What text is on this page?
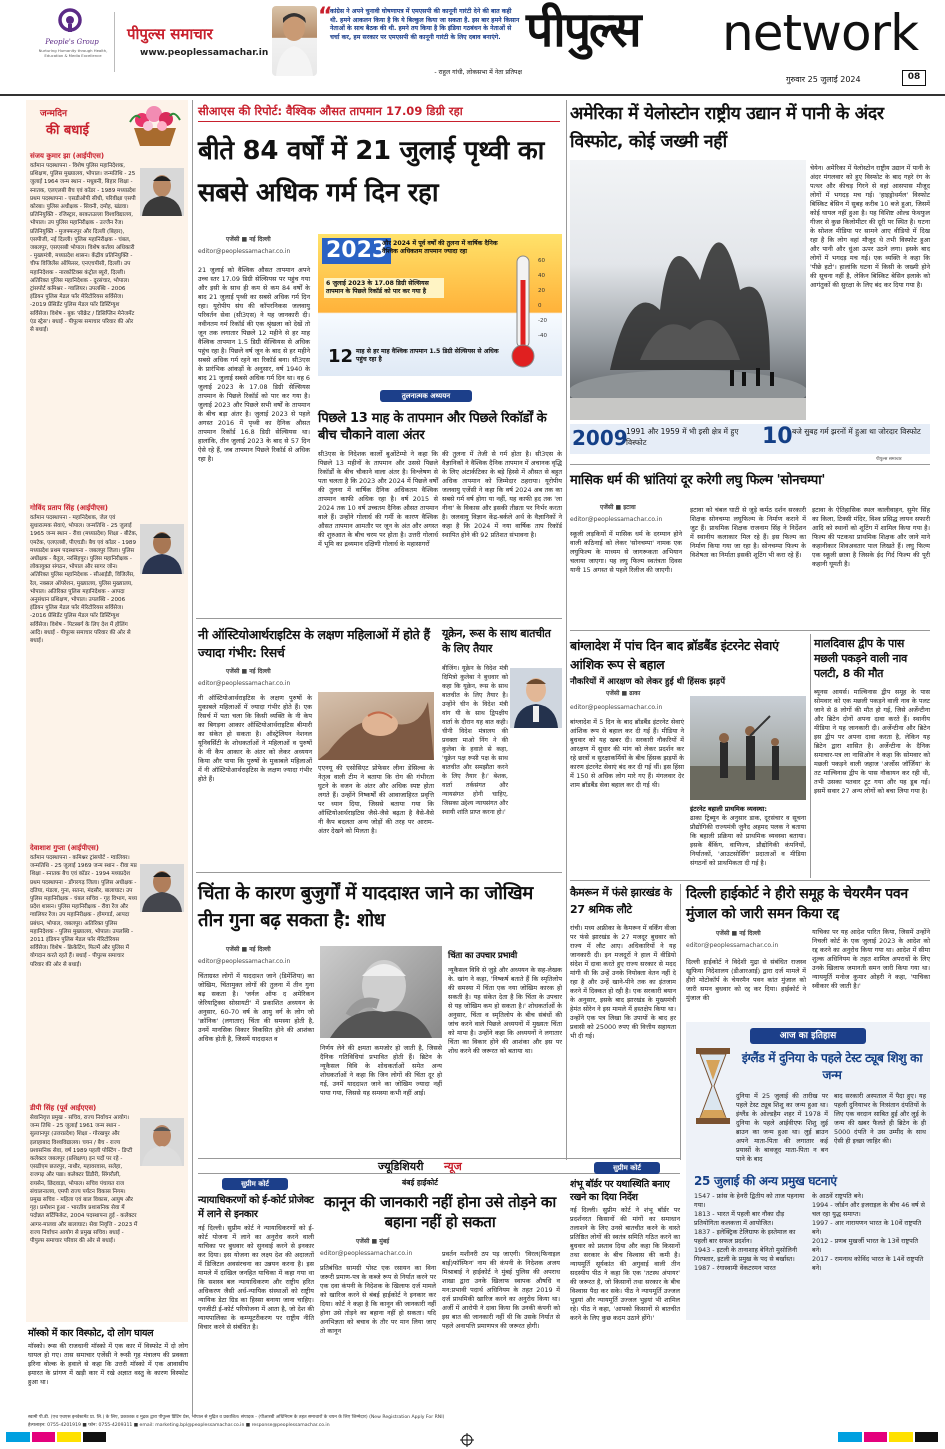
People's Group
Nurturing Humanity through Health, Education & Media Excellence
पीपुल्स समाचार
www.peoplessamachar.in
“
कांग्रेस ने अपने चुनावी घोषणापत्र में एमएसपी की कानूनी गारंटी देने की बात कही थी. हमने आकलन किया है कि ये बिल्कुल किया जा सकता है. इस बार हमने किसान नेताओं के साथ बैठक की थी. हमने तय किया है कि इंडिया गठबंधन के नेताओं से चर्चा कर, हम सरकार पर एमएसपी की कानूनी गारंटी के लिए दबाव बनाएंगे.
- राहुल गांधी, लोकसभा में नेता प्रतिपक्ष
पीपुल्स network
गुरुवार 25 जुलाई 2024	08
जन्मदिन
की बधाई
संजय कुमार झा (आईपीएस)
वर्तमान पदस्थापना - विशेष पुलिस महानिदेशक, प्रशिक्षण, पुलिस मुख्यालय, भोपाल। जन्मतिथि - 25 जुलाई 1964 जन्म स्थान - मधुबनी, बिहार शिक्षा - स्नातक, एलएलबी बैच एवं कॉडर - 1989 मध्यप्रदेश प्रथम पदस्थापना - एसडीओपी सीधी, परिवीक्षा एसपी कोरबा। पुलिस अधीक्षक - सिवनी, दमोह, खंडवा। प्रतिनियुक्ति - रजिस्ट्रार, बरकतउल्ला विश्वविद्यालय, भोपाल। उप पुलिस महानिरीक्षक - उज्जैन रेंज। प्रतिनियुक्ति - मुजफ्फरपुर और दिल्ली (बिहार), एसपीजी, नई दिल्ली। पुलिस महानिरीक्षक - चंबल, जबलपुर, एसएसबी भोपाल। विशेष कर्तव्य अधिकारी - मुख्यमंत्री, मध्यप्रदेश शासन। केंद्रीय प्रतिनियुक्ति - चीफ विजिलेंस ऑफिसर, एनएचपीसी, दिल्ली। उप महानिदेशक - नारकोटिक्स कंट्रोल ब्यूरो, दिल्ली। अतिरिक्त पुलिस महानिदेशक - दूरसंचार, भोपाल। ट्रांसपोर्ट कमिश्नर - ग्वालियर। उपलब्धि - 2006 इंडियन पुलिस मेडल फॉर मेरिटोरियस सर्विसेज। -2019 प्रेसिडेंट पुलिस मेडल फॉर डिस्टिंग्युश सर्विसेज। विशेष - बुक 'सीक्रेट / डिसिप्लिन मेनेजमेंट एंड स्ट्रेस'। बधाई - पीपुल्स समाचार परिवार की ओर से बधाई।
गोविंद प्रताप सिंह (आईपीएस)
वर्तमान पदस्थापना - महानिदेशक, जेल एवं सुधारात्मक सेवाएं, भोपाल। जन्मतिथि - 25 जुलाई 1965 जन्म स्थान - रीवा (मध्यप्रदेश) शिक्षा - बीटेक, एमटेक, एलएलबी, पीएचडी। बैच एवं कॉडर - 1989 मध्यप्रदेश प्रथम पदस्थापना - जबलपुर जिला। पुलिस अधीक्षक - बैतूल, नरसिंहपुर। पुलिस महानिरीक्षक - लोकायुक्त संगठन, भोपाल और सागर जोन। अतिरिक्त पुलिस महानिदेशक - सीआईडी, विजिलेंस, रेल, नक्सल ऑपरेशन, मुख्यालय, पुलिस मुख्यालय, भोपाल। अतिरिक्त पुलिस महानिदेशक - आपदा अनुसंधान प्रशिक्षण, भोपाल। उपलब्धि - 2006 इंडियन पुलिस मेडल फॉर मेरिटोरियस सर्विसेज। -2016 प्रेसिडेंट पुलिस मेडल फॉर डिस्टिंग्युश सर्विसेज। विशेष - पिटस्बर्ग के लिए देश में होलिंग आदि। बधाई - पीपुल्स समाचार परिवार की ओर से बधाई।
देवाशाश गुप्ता (आईपीएस)
वर्तमान पदस्थापना - कमिश्नर ट्रांसपोर्ट - ग्वालियर। जन्मतिथि - 25 जुलाई 1969 जन्म स्थान - रीवा मप्र शिक्षा - स्नातक बैच एवं कॉडर - 1994 मध्यप्रदेश प्रथम पदस्थापना - डोंगरगढ़ जिला। पुलिस अधीक्षक - दतिया, मंडला, गुना, सतना, मंदसौर, बालाघाट। उप पुलिस महानिरीक्षक - चंबल सचिव - गृह विभाग, मध्य प्रदेश शासन। पुलिस महानिरीक्षक - रीवा रेंज और ग्वालियर रेंज। उप महानिरीक्षक - होमगार्ड, आपदा प्रबंधन, भोपाल, जबलपुर। अतिरिक्त पुलिस महानिदेशक - पुलिस मुख्यालय, भोपाल। उपलब्धि - 2011 इंडियन पुलिस मेडल फॉर मेरिटोरियस सर्विसेज। विशेष - क्रिकेटिंग, फिल्में और पुलिस में योगदान करते रहते हैं। बधाई - पीपुल्स समाचार परिवार की ओर से बधाई।
डीपी सिंह (पूर्व आईएएस)
सेवानिवृत्त प्रमुख - सचिव, राज्य निर्वाचन आयोग। जन्म तिथि - 25 जुलाई 1961 जन्म स्थान - सुल्तानपुर (उत्तरप्रदेश) शिक्षा - गोरखपुर और इलाहाबाद विश्वविद्यालय। चयन / बैच - राज्य प्रशासनिक सेवा, वर्ष 1989 पहली पोस्टिंग - डिप्टी कलेक्टर जबलपुर (प्रशिक्षण) इन पदों पर रहे - एसडीएम छतरपुर, नाथौर, महावरवास, सलेहा, राजगढ़ और पन्ना। कलेक्टर डिंडौरी, सिंगरौली, रायसेन, छिंदवाड़ा, भोपाल। सचिव पंचायत राज संचालनालय, एमपी राज्य पर्यटन विकास निगम। प्रमुख सचिव - महिला एवं बाल विकास, आयुष और गृह। प्रमोशन हुआ - भारतीय प्रशासनिक सेवा में पदोन्नत सर्टिफिकेट, 2004 पदस्थापना हुई - कलेक्टर आगर-मालवा और बालाघाट। सेवा निवृत्ति - 2023 में राज्य निर्वाचन आयोग से प्रमुख सचिव। बधाई - पीपुल्स समाचार परिवार की ओर से बधाई।
मॉस्को में कार विस्फोट, दो लोग घायल
मॉस्को। रूस की राजधानी मॉस्को में एक कार में विस्फोट में दो लोग घायल हो गए। तास समाचार एजेंसी ने रूसी गृह मंत्रालय की प्रवक्ता इरिना वोल्क के हवाले से कहा कि उत्तरी मॉस्को में एक आवासीय इमारत के प्रांगण में खड़ी कार में रखे अज्ञात वस्तु के कारण विस्फोट हुआ था।
सीआएस की रिपोर्ट: वैश्विक औसत तापमान 17.09 डिग्री रहा
बीते 84 वर्षों में 21 जुलाई पृथ्वी का सबसे अधिक गर्म दिन रहा
एजेंसी ■ नई दिल्ली
editor@peoplessamachar.co.in
21 जुलाई को वैश्विक औसत तापमान अपने उच्च स्तर 17.09 डिग्री सेल्सियस पर पहुंच गया और इसी के साथ ही कम से कम 84 वर्षों के बाद 21 जुलाई पृथ्वी का सबसे अधिक गर्म दिन रहा। यूरोपीय संघ की कॉपरनिकस जलवायु परिवर्तन सेवा (सी3एस) ने यह जानकारी दी। नवीनतम गर्म रिकॉर्ड की एक श्रृंखला को देखें तो जून तक लगातार पिछले 12 महीने से हर माह वैश्विक तापमान 1.5 डिग्री सेल्सियस से अधिक पहुंच रहा है। पिछले वर्ष जून के बाद से हर महीने सबसे अधिक गर्म रहने का रिकॉर्ड बना। सी3एस के प्रारंभिक आंकड़ों के अनुसार, वर्ष 1940 के बाद 21 जुलाई सबसे अधिक गर्म दिन था। वह 6 जुलाई 2023 के 17.08 डिग्री सेल्सियस तापमान के पिछले रिकॉर्ड को पार कर गया है। जुलाई 2023 और पिछले सभी वर्षों के तापमान के बीच बड़ा अंतर है। जुलाई 2023 से पहले अगस्त 2016 में पृथ्वी का दैनिक औसत तापमान रिकॉर्ड 16.8 डिग्री सेल्सियस था। हालांकि, तीन जुलाई 2023 के बाद से 57 दिन ऐसे रहे हैं, जब तापमान पिछले रिकॉर्ड से अधिक रहा है।
2023
और 2024 में पूर्व वर्षों की तुलना में वार्षिक दैनिक वैश्विक अधिकतम तापमान ज्यादा रहा
6 जुलाई 2023 के 17.08 डिग्री सेल्सियस तापमान के पिछले रिकॉर्ड को पार कर गया है
12 माह से हर माह वैश्विक तापमान 1.5 डिग्री सेल्सियस से अधिक पहुंच रहा है
60
40
20
0
-20
-40
तुलनात्मक अध्ययन
पिछले 13 माह के तापमान और पिछले रिकॉर्डों के बीच चौकाने वाला अंतर
सी3एस के निदेशक कार्लो बुओंटेम्पो ने कहा कि पिछले 13 महीनों के तापमान और उससे पिछले रिकॉर्डों के बीच चौकाने वाला अंतर है। विश्लेषण से पता चलता है कि 2023 और 2024 में पिछले वर्षों की तुलना में वार्षिक दैनिक अधिकतम वैश्विक तापमान काफी अधिक रहा है। वर्ष 2015 से 2024 तक 10 वर्ष उच्चतम दैनिक औसत तापमान वाले हैं। उन्होंने गोलार्ध की गर्मी के कारण वैश्विक औसत तापमान आमतौर पर जून के अंत और अगस्त की शुरुआत के बीच चरम पर होता है। उत्तरी गोलार्ध में भूमि का द्रव्यमान दक्षिणी गोलार्ध के महासागरों
की तुलना में तेजी से गर्म होता है। सी3एस के वैज्ञानिकों ने वैश्विक दैनिक तापमान में अचानक वृद्धि के लिए अंटार्कटिका के बड़े हिस्से में औसत से बहुत अधिक तापमान को जिम्मेदार ठहराया। यूरोपीय जलवायु एजेंसी ने कहा कि वर्ष 2024 अब तक का सबसे गर्म वर्ष होगा या नहीं, यह काफी हद तक 'ला नीना' के विकास और इसकी तीव्रता पर निर्भर करता है। जलवायु विज्ञान केंद्र-बर्कले अर्थ के वैज्ञानिकों ने कहा है कि 2024 में नया वार्षिक ताप रिकॉर्ड स्थापित होने की 92 प्रतिशत संभावना है।
नी ऑस्टियोआर्थराइटिस के लक्षण महिलाओं में होते हैं ज्यादा गंभीर: रिसर्च
एजेंसी ■ नई दिल्ली
editor@peoplessamachar.co.in
नी ऑस्टियोआर्थराइटिस के लक्षण पुरुषों के मुकाबले महिलाओं में ज्यादा गंभीर होते हैं। एक रिसर्च में पता चला कि किसी व्यक्ति के नी केप का बिगड़ना आकार ऑस्टियोआर्थराइटिस बीमारी का संकेत हो सकता है। ऑस्ट्रेलियन नेशनल यूनिवर्सिटी के शोधकर्ताओं ने महिलाओं व पुरुषों के नी कैप आकार के अंतर को लेकर अध्ययन किया और पाया कि पुरुषों के मुकाबले महिलाओं में नी ऑस्टियोआर्थराइटिस के लक्षण ज्यादा गंभीर होते हैं।
एएनयू की एसोसिएट प्रोफेसर लीना डेसिल्वा के नेतृत्व वाली टीम ने बताया कि रोग की गंभीरता घुटने के वजन के अंतर और अधिक स्पष्ट होता लगते हैं। उन्होंने निष्कर्षों की आवाजाहिरत प्रवृत्ति पर ध्यान दिया, जिससे बताया गया कि ऑस्टियोआर्थराइटिस जैसे-जैसे बढ़ता है वैसे-वैसे नी कैप बदलता अन्य जोड़ों की तरह पर आराम-अंतर देखने को मिलता है।
यूक्रेन, रूस के साथ बातचीत के लिए तैयार
बीजिंग। यूक्रेन के विदेश मंत्री दिमित्रो कुलेबा ने बुधवार को कहा कि यूक्रेन, रूस के साथ बातचीत के लिए तैयार है। उन्होंने चीन के विदेश मंत्री वांग यी के साथ द्विपक्षीय वार्ता के दौरान यह बात कही। चीनी विदेश मंत्रालय की प्रवक्ता माओ निंग ने की कुलेबा के हवाले से कहा, 'यूक्रेन पक्ष रूसी पक्ष के साथ बातचीत और समझौता करने के लिए तैयार है।' बेशक, वार्ता तर्कसंगत और न्यायसंगत होनी चाहिए, जिसका उद्देश्य न्यायसंगत और स्थायी शांति प्राप्त करना हो।'
चिंता के कारण बुजुर्गों में याददाश्त जाने का जोखिम तीन गुना बढ़ सकता है: शोध
एजेंसी ■ नई दिल्ली
editor@peoplessamachar.co.in
चिंताग्रस्त लोगों में याददाश्त जाने (डिमेंशिया) का जोखिम, चिंतामुक्त लोगों की तुलना में तीन गुना बढ़ सकता है। 'जर्नल ऑफ द अमेरिकन जेरियाट्रिक्स सोसायटी' में प्रकाशित अध्ययन के अनुसार, 60-70 वर्ष के आयु वर्ग के लोग जो 'क्रॉनिक' (लगातार) चिंता की समस्या होती है, उनमें मानसिक विकार विकसित होने की आशंका अधिक होती है, जिसमें याददाश्त व
निर्णय लेने की क्षमता कमजोर हो जाती है, जिससे दैनिक गतिविधियां प्रभावित होती हैं। ब्रिटेन के न्यूकैसल विवि के शोधकर्ताओं समेत अन्य शोधकर्ताओं ने कहा कि जिन लोगों की चिंता दूर हो गई, उनमें याददाश्त जाने का जोखिम ज्यादा नहीं पाया गया, जिससे यह समस्या कभी नहीं आई।
चिंता का उपचार प्रभावी
न्यूकैसल विवि से जुड़े और अध्ययन के सह-लेखक के. खांग ने कहा, 'निष्कर्ष बताते हैं कि स्मृतिलोप की समस्या में चिंता एक नया जोखिम कारक हो सकती है। यह संकेत देता है कि चिंता के उपचार से यह जोखिम कम हो सकता है।' शोधकर्ताओं के अनुसार, चिंता व स्मृतिलोप के बीच संबंधों की जांच करने वाले पिछले अध्ययनों में मुख्यतः चिंता को मापा है। उन्होंने कहा कि अध्ययनों ने लगातार चिंता का विकार होने की आशंका और इस पर शोध करने की जरूरत को बताया था।
अमेरिका में येलोस्टोन राष्ट्रीय उद्यान में पानी के अंदर विस्फोट, कोई जख्मी नहीं
चेयेन। अमेरिका में येलोस्टोन राष्ट्रीय उद्यान में पानी के अंदर मंगलवार को हुए विस्फोट के बाद गहरे रंग के पत्थर और कीचड़ गिरने से वहां आसपास मौजूद लोगों में भगदड़ मच गई। 'हाइड्रोथर्मल' विस्फोट बिस्किट बेसिन में सुबह करीब 10 बजे हुआ, जिसमें कोई घायल नहीं हुआ है। यह विशिष्ट ओल्ड फेथफुल गीजर से कुछ किलोमीटर की दूरी पर स्थित है। घटना के सोशल मीडिया पर सामने आए वीडियो में दिख रहा है कि लोग वहां मौजूद थे तभी विस्फोट हुआ और पानी और धुंआ ऊपर उठने लगा। इसके बाद लोगों में भगदड़ मच गई। एक व्यक्ति ने कहा कि 'पीछे हटो'। हालांकि घटना में किसी के जख्मी होने की सूचना नहीं है, लेकिन बिस्किट बेसिन इलाके को आगंतुकों की सुरक्षा के लिए बंद कर दिया गया है।
2009
1991 और 1959 में भी इसी क्षेत्र में हुए विस्फोट	10 बजे सुबह गर्म झरनों में हुआ था जोरदार विस्फोट
पीपुल्स समाचार
मासिक धर्म की भ्रांतियां दूर करेगी लघु फिल्म 'सोनचम्पा'
एजेंसी ■ इटावा
editor@peoplessamachar.co.in
स्कूली लड़कियों में मासिक धर्म के दरम्यान होने वाली कठिनाई को लेकर 'सोनचम्पा' नामक एक लघुफिल्म के माध्यम से जागरूकता अभियान चलाया जाएगा। यह लघु फिल्म स्वतंत्रता दिवस यानी 15 अगस्त से पहले रिलीज की जाएगी।
इटावा को चंबल घाटी से जुड़े कर्मठ दर्शन सरकारी शिक्षक सोनचम्पा लघुफिल्म के निर्माण कराने में जुट हैं। प्राथमिक शिक्षक राजनाम सिंह ने निर्देशन में स्थानीय कलाकार मिल रहे हैं। इस फिल्म का निर्माण किया गया जा रहा है। सोनचम्पा फिल्म के विशेषता का निर्माता इसकी शूटिंग भी करा रहे हैं।
इटावा के ऐतिहासिक स्थल कालीवाहन, सुमेर सिंह का किला, टिक्सी मंदिर, विश्व प्रसिद्ध लायन सफारी आदि को स्थानों को शूटिंग में शामिल किया गया है। फिल्म की पटकथा प्राथमिक शिक्षक और जाने माने कहानीकार शिवअवतार पाल लिखते हैं। लघु फिल्म एक स्कूली छात्रा है जिसके ईद गिर्द फिल्म की पूरी कहानी घूमती है।
बांग्लादेश में पांच दिन बाद ब्रॉडबैंड इंटरनेट सेवाएं आंशिक रूप से बहाल
नौकरियों में आरक्षण को लेकर हुई थी हिंसक झड़पें
एजेंसी ■ ढाका
editor@peoplessamachar.co.in
बांग्लादेश में 5 दिन के बाद ब्रॉडबैंड इंटरनेट सेवाएं आंशिक रूप से बहाल कर दी गई हैं। मीडिया ने बुधवार को यह खबर दी। सरकारी नौकरियों में आरक्षण में सुधार की मांग को लेकर प्रदर्शन कर रहे छात्रों व सुरक्षाकर्मियों के बीच हिंसक झड़पों के कारण इंटरनेट सेवाएं बंद कर दी गई थीं। इस हिंसा में 150 से अधिक लोग मारे गए हैं। मंगलवार देर शाम ब्रॉडबैंड सेवा बहाल कर दी गई थी।
इंटरनेट बहाली प्राथमिक व्यवस्था:
ढाका ट्रिब्यून के अनुसार डाक, दूरसंचार व सूचना प्रौद्योगिकी राज्यमंत्री जुनैद अहमद पलक ने बताया कि बहाली प्रक्रिया को प्राथमिक व्यवस्था बताया। इसके बैंकिंग, वाणिज्य, प्रौद्योगिकी कंपनियों, निर्यातकों, 'आउटसोर्सिंग' प्रदाताओं व मीडिया संगठनों को प्राथमिकता दी गई है।
मालदिवास द्वीप के पास मछली पकड़ने वाली नाव पलटी, 8 की मौत
ब्यूनस आयर्स। माल्विनास द्वीप समूह के पास सोमवार को एक मछली पकड़ने वाली नाव के पलट जाने से 8 लोगों की मौत हो गई, जिसे अर्जेन्टीना और ब्रिटेन दोनों अपना दावा करते हैं। स्थानीय मीडिया ने यह जानकारी दी। अर्जेन्टीना और ब्रिटेन इस द्वीप पर अपना दावा करता है, लेकिन यह ब्रिटेन द्वारा शासित है। अर्जेन्टीना के दैनिक समाचार-पत्र ला नासिओन ने कहा कि सोमवार को मछली पकड़ने वाली जहाज 'अर्जोस जॉर्जिया' के तट माल्विनास द्वीप के पास नौकायन कर रही थी, तभी उसका पतवार टूट गया और यह डूब गई। इसमें सवार 27 अन्य लोगों को बचा लिया गया है।
कैमरून में फंसे झारखंड के 27 श्रमिक लौटे
रांची। मध्य अफ्रीका के कैमरून में वर्किंग वीजा पर फंसे झारखंड के 27 मजदूर बुधवार को राज्य में लौट आए। अधिकारियों ने यह जानकारी दी। इन मजदूरों ने हाल में वीडियो संदेश में दावा करते हुए राज्य सरकार से मदद मांगी थी कि उन्हें उनके नियोक्ता वेतन नहीं दे रहा है और उन्हें खाने-पीने तक का इंतजाम करने में दिक्कत हो रही है। एक सरकारी बयान के अनुसार, इसके बाद झारखंड के मुख्यमंत्री हेमंत सोरेन ने इस मामले में हस्तक्षेप किया था। उन्होंने एक पत्र लिखा कि उपायों के बाद हर प्रवासी को 25000 रुपए की वित्तीय सहायता भी दी गई।
दिल्ली हाईकोर्ट ने हीरो समूह के चेयरमैन पवन मुंजाल को जारी समन किया रद्द
एजेंसी ■ नई दिल्ली
editor@peoplessamachar.co.in
दिल्ली हाईकोर्ट ने विदेशी मुद्रा से संबंधित राजस्व खुफिया निदेशालय (डीआरआई) द्वारा दर्ज मामले में हीरो मोटोकॉर्प के चेयरमैन पवन कांत मुंजाल को जारी समन बुधवार को रद्द कर दिया। हाईकोर्ट ने मुंजाल की
याचिका पर यह आदेश पारित किया, जिसमें उन्होंने निचली कोर्ट के एक जुलाई 2023 के आदेश को रद्द करने का अनुरोध किया गया था। आदेश में सीमा शुल्क अधिनियम के तहत शामिल अपराधों के लिए उनके खिलाफ जमानती समन जारी किया गया था। न्यायमूर्ति मनोज कुमार ओहरी ने कहा, 'याचिका स्वीकार की जाती है।'
आज का इतिहास
इंग्लैंड में दुनिया के पहले टेस्ट ट्यूब शिशु का जन्म
दुनिया में 25 जुलाई की तारीख पर पहले टेस्ट ट्यूब शिशु का जन्म हुआ था। इंग्लैंड के ओल्डहैम शहर में 1978 में दुनिया के पहले आईवीएफ शिशु लुई ब्राउन का जन्म हुआ था। लुई ब्राउन अपने माता-पिता की लगातार कई प्रयासों के बावजूद माता-पिता न बन पाने के बाद
बाद सरकारी अस्पताल में पैदा हुए। यह पहली दुनियाभर के निःसंतान दंपतियों के लिए एक वरदान साबित हुई और लुई के जन्म की खबर फैलते ही ब्रिटेन के ही 5000 दंपति ने उस उम्मीद के साथ ऐसी ही इच्छा जाहिर की।
25 जुलाई की अन्य प्रमुख घटनाएं
1547 - फ्रांस के हेनरी द्वितीय को ताज पहनाया गया।
1813 - भारत में पहली बार नौका दौड़ प्रतियोगिता कलकत्ता में आयोजित।
1837 - इलेक्ट्रिक टेलिग्राफ के इस्तेमाल का पहली बार सफल प्रदर्शन।
1943 - इटली के तानाशाह बेनितो मुसोलिनी गिरफ्तार, इटली के प्रमुख के पद से बर्खास्त।
1987 - रंगास्वामी वेंकटरमन भारत
के आठवें राष्ट्रपति बने।
1994 - जॉर्डन और इजराइल के बीच 46 वर्ष से चल रहा युद्ध समाप्त।
1997 - आर नारायणन भारत के 10वें राष्ट्रपति बने।
2012 - प्रणब मुखर्जी भारत के 13वें राष्ट्रपति बने।
2017 - रामनाथ कोविंद भारत के 14वें राष्ट्रपति बने।
ज्यूडिशियरी न्यूज
सुप्रीम कोर्ट
न्यायाधिकरणों को ई-कोर्ट प्रोजेक्ट में लाने से इनकार
नई दिल्ली। सुप्रीम कोर्ट ने न्यायाधिकरणों को ई-कोर्ट योजना में लाने का अनुरोध करने वाली याचिका पर बुधवार को सुनवाई करने से इनकार कर दिया। इस योजना का लक्ष्य देश की अदालतों में डिजिटल अवसंरचना का उन्नयन करना है। इस मामले में दाखिल जनहित याचिका में कहा गया था कि सशस्त्र बल न्यायाधिकरण और राष्ट्रीय हरित अधिकरण जैसी अर्ध-न्यायिक संस्थाओं को राष्ट्रीय न्यायिक डेटा ग्रिड का हिस्सा बनाया जाना चाहिए। एनजीटी ई-कोर्ट परियोजना में आता है, जो देश की न्यायपालिका के कम्प्यूटरीकरण पर राष्ट्रीय नीति विचार करने से संबंधित है।
बंबई हाईकोर्ट
कानून की जानकारी नहीं होना उसे तोड़ने का बहाना नहीं हो सकता
एजेंसी ■ मुंबई
editor@peoplessamachar.co.in
प्रतिबंधित सामग्री पोस्ट एक रसायन का विना जरूरी प्रमाण-पत्र के कब्जे रूप से निर्यात करने पर एक दवा कंपनी के निदेशक के खिलाफ दर्ज मामले को खारिज करने से बंबई हाईकोर्ट ने इनकार कर दिया। कोर्ट ने कहा है कि कानून की जानकारी नहीं होना उसे तोड़ने का बहाना नहीं हो सकता। यदि अनभिज्ञता को बचाव के तौर पर मान लिया जाए तो कानून
प्रवर्तन मशीनरी ठप पड़ जाएगी। 'विरल(फिनाइल बाई)फॉस्फिन' नाम की कंपनी के निदेशक अजय मिश्राबाई ने हाईकोर्ट ने मुंबई पुलिस की अपराध शाखा द्वारा उनके खिलाफ स्वापक औषधि व मन:प्रभावी पदार्थ अधिनियम के तहत 2019 में दर्ज प्राथमिकी खारिज करने का अनुरोध किया था। अर्जी में आरोपी ने दावा किया कि उनकी कंपनी को इस बात की जानकारी नहीं थी कि उसके निर्यात से पहले अनापत्ति प्रमाणपत्र की जरूरत होगी।
सुप्रीम कोर्ट
शंभू बॉर्डर पर यथास्थिति बनाए रखने का दिया निर्देश
नई दिल्ली। सुप्रीम कोर्ट ने शंभू बॉर्डर पर प्रदर्शनरत किसानों की मांगों का समाधान तलाशने के लिए उनसे बातचीत करने के वास्ते प्रतिष्ठित लोगों की स्वतंत्र समिति गठित करने का बुधवार को प्रस्ताव दिया और कहा कि किसानों तथा सरकार के बीच विश्वास की कमी है। न्यायमूर्ति सूर्यकांत की अगुवाई वाली तीन सदस्यीय पीठ ने कहा कि एक 'तटस्थ अंपायर' की जरूरत है, जो किसानों तथा सरकार के बीच विश्वास पैदा कर सके। पीठ ने न्यायमूर्ति उज्जल भुइयां और न्यायमूर्ति उज्जल भुइयां भी शामिल रहे। पीठ ने कहा, 'आपको किसानों से बातचीत करने के लिए कुछ कदम उठाने होंगे।'
स्वामी पी.डी. (एच एचएस इनवेस्टमेंट प्रा. लि.) के लिए, प्रकाशक व मुद्रक द्वारा पीपुल्स प्रिंटिंग प्रेस, भोपाल से मुद्रित व प्रकाशित। संपादक - (पीआरबी अधिनियम के तहत समाचारों के चयन के लिए जिम्मेदार) (New Registration Apply For RNI)
हेल्पलाइन: 0755-4201919 ■ फोन: 0755-4209311 ■ email: marketing.bpl@peoplessamachar.co.in ■ response@peoplessamachar.co.in
